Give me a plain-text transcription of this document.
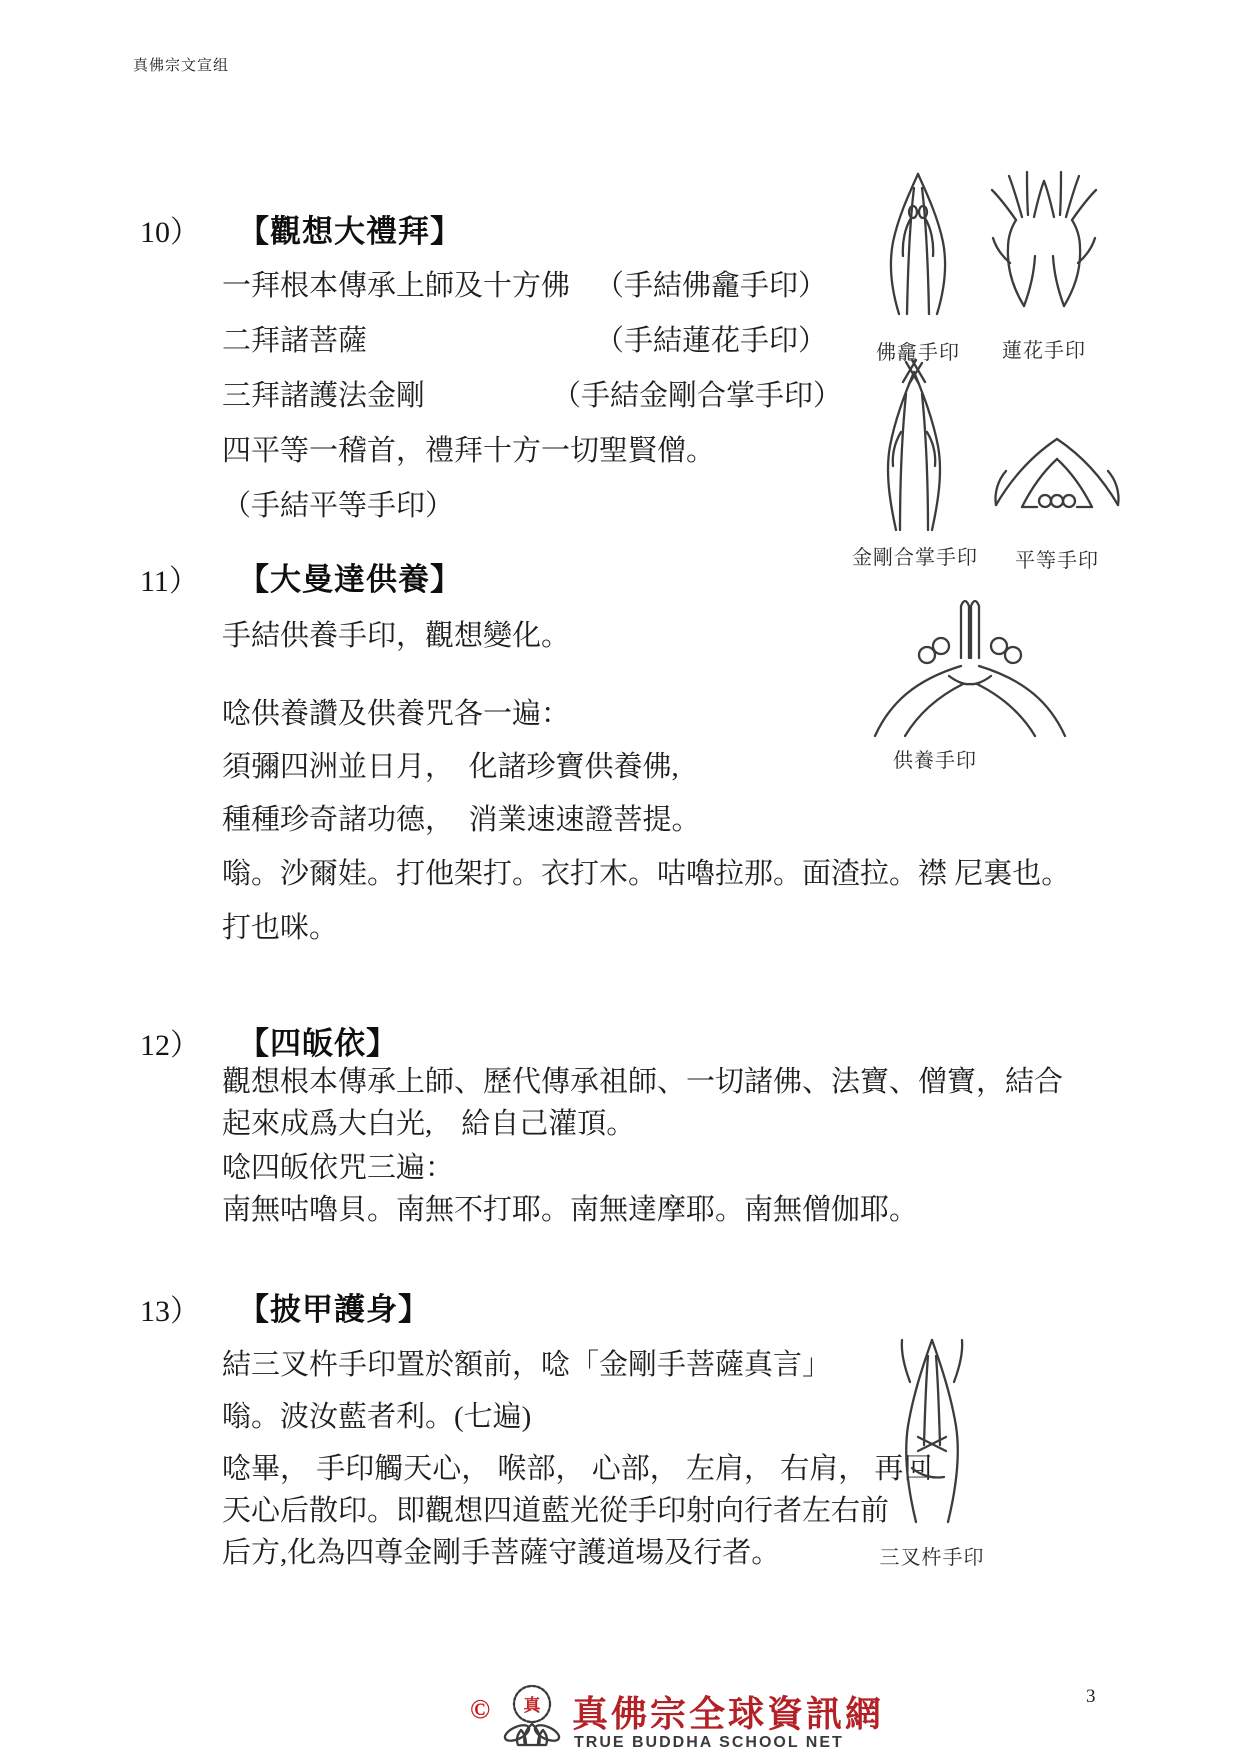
真佛宗文宣组
10） 【觀想大禮拜】
一拜根本傳承上師及十方佛 （手結佛龕手印）
二拜諸菩薩	（手結蓮花手印）
三拜諸護法金剛	（手結金剛合掌手印）
四平等一稽首，禮拜十方一切聖賢僧。
（手結平等手印）
佛龕手印	蓮花手印
金剛合掌手印	平等手印
11） 【大曼達供養】
手結供養手印，觀想變化。
唸供養讚及供養咒各一遍：
須彌四洲並日月，　化諸珍寶供養佛,
種種珍奇諸功德，　消業速速證菩提。
嗡。沙爾娃。打他架打。衣打木。咕嚕拉那。面渣拉。襟 尼裏也。
打也咪。
供養手印
12） 【四皈依】
觀想根本傳承上師、歷代傳承祖師、一切諸佛、法寶、僧寶，結合
起來成爲大白光,　給自己灌頂。
唸四皈依咒三遍：
南無咕嚕貝。南無不打耶。南無達摩耶。南無僧伽耶。
13） 【披甲護身】
結三叉杵手印置於額前，唸「金剛手菩薩真言」
嗡。波汝藍者利。(七遍)
唸畢， 手印觸天心， 喉部， 心部， 左肩， 右肩， 再回
天心后散印。即觀想四道藍光從手印射向行者左右前
后方,化為四尊金剛手菩薩守護道場及行者。	三叉杵手印
© 真 真佛宗全球資訊網
TRUE BUDDHA SCHOOL NET
3
